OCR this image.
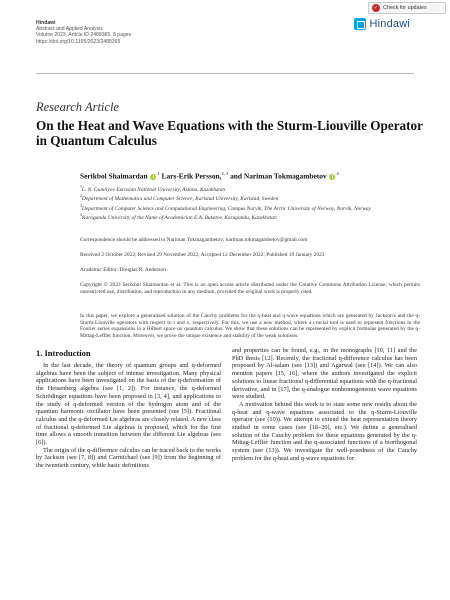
✓
Check for updates
Hindawi
Abstract and Applied Analysis
Volume 2023, Article ID 2488365, 8 pages
https://doi.org/10.1155/2023/2488365
Hindawi
Research Article
On the Heat and Wave Equations with the Sturm-Liouville Operator in Quantum Calculus
Serikbol Shaimardan $^1$ Lars-Erik Persson,$^{2, 3}$ and Nariman Tokmagambetov $^4$

$^1$L. N. Gumilyov Eurasian National University, Astana, Kazakhstan

$^2$Department of Mathematics and Computer Science, Karlstad University, Karlstad, Sweden

$^3$Department of Computer Science and Computational Engineering, Campus Narvik, The Arctic University of Norway, Narvik, Norway

$^4$Karaganda University of the Name of Academician E.A. Buketov, Karaganda, Kazakhstan

Correspondence should be addressed to Nariman Tokmagambetov; nariman.tokmagambetov@gmail.com
Received 2 October 2022; Revised 29 November 2022; Accepted 12 December 2022; Published 19 January 2023
Academic Editor: Douglas R. Anderson
Copyright © 2023 Serikbol Shaimardan et al. This is an open access article distributed under the Creative Commons Attribution License, which permits unrestricted use, distribution, and reproduction in any medium, provided the original work is properly cited.
In this paper, we explore a generalised solution of the Cauchy problems for the q-heat and q-wave equations which are generated by Jackson's and the q-Sturm-Liouville operators with respect to t and x, respectively. For this, we use a new method, where a crucial tool is used to represent functions in the Fourier series expansions in a Hilbert space on quantum calculus. We show that these solutions can be represented by explicit formulas generated by the q-Mittag-Leffler function. Moreover, we prove the unique existence and stability of the weak solutions.
1. Introduction

In the last decade, the theory of quantum groups and q-deformed algebras have been the subject of intense investigation. Many physical applications have been investigated on the basis of the q-deformation of the Heisenberg algebra (see [1, 2]). For instance, the q-deformed Schrödinger equations have been proposed in [3, 4], and applications to the study of q-deformed version of the hydrogen atom and of the quantum harmonic oscillator have been presented (see [5]). Fractional calculus and the q-deformed Lie algebras are closely related. A new class of fractional q-deformed Lie algebras is proposed, which for the first time allows a smooth transition between the different Lie algebras (see [6]).

The origin of the q-difference calculus can be traced back to the works by Jackson (see [7, 8]) and Carmichael (see [9]) from the beginning of the twentieth century, while basic definitions

and properties can be found, e.g., in the monographs [10, 11] and the PhD thesis [12]. Recently, the fractional q-difference calculus has been proposed by Al-salam (see [13]) and Agarwal (see [14]). We can also mention papers [15, 16], where the authors investigated the explicit solutions to linear fractional q-differential equations with the q-fractional derivative, and in [17], the q-analogue nonhomogeneous wave equations were studied.

A motivation behind this work is to state some new results about the q-heat and q-wave equations associated to the q-Sturm-Liouville operator (see (10)). We attempt to extend the heat representation theory studied in some cases (see [18–20], etc.). We define a generalised solution of the Cauchy problem for these equations generated by the q-Mittag-Leffler function and the q-associated functions of a biorthogonal system (see (13)). We investigate the well-posedness of the Cauchy problem for the q-heat and q-wave equations for
